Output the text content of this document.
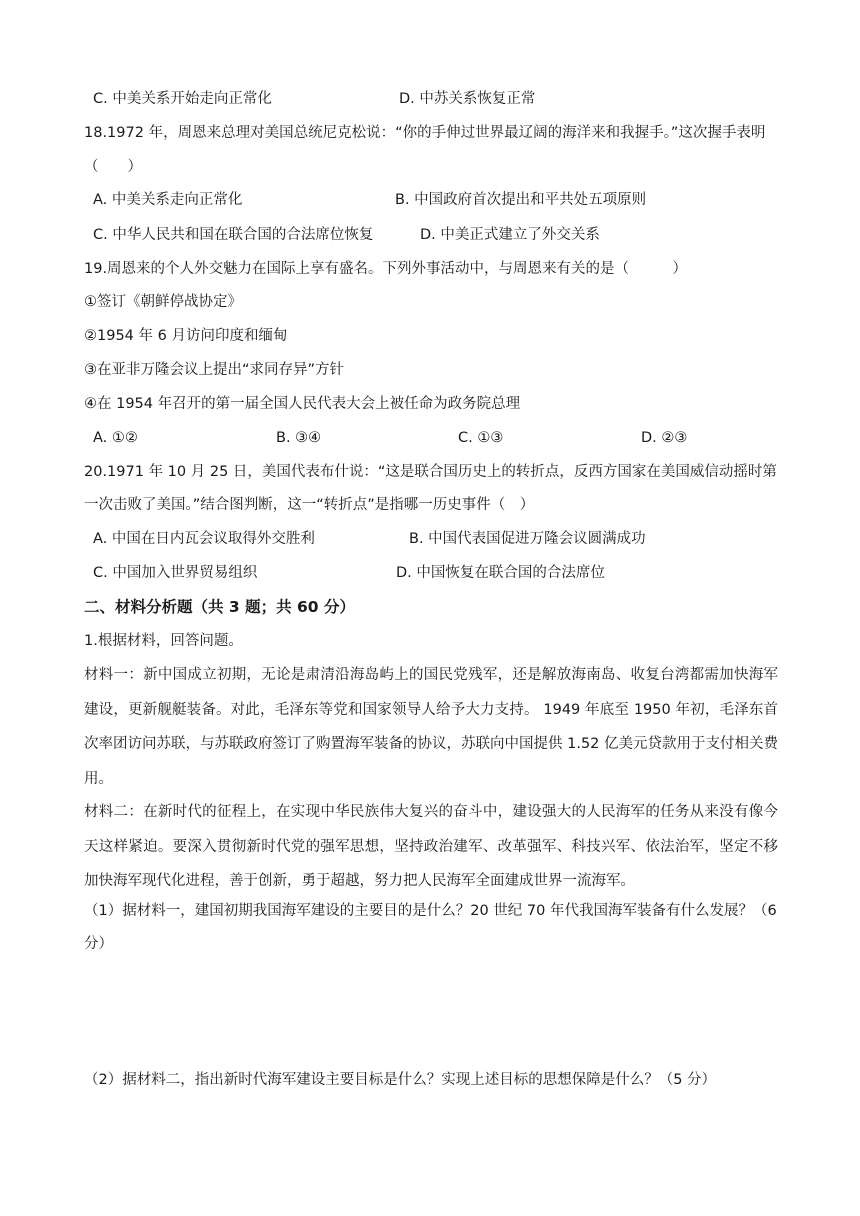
C. 中美关系开始走向正常化	D. 中苏关系恢复正常
18.1972 年，周恩来总理对美国总统尼克松说：“你的手伸过世界最辽阔的海洋来和我握手。”这次握手表明
（　　）
A. 中美关系走向正常化	B. 中国政府首次提出和平共处五项原则
C. 中华人民共和国在联合国的合法席位恢复	D. 中美正式建立了外交关系
19.周恩来的个人外交魅力在国际上享有盛名。下列外事活动中，与周恩来有关的是（　　　）
①签订《朝鲜停战协定》
②1954 年 6 月访问印度和缅甸
③在亚非万隆会议上提出“求同存异”方针
④在 1954 年召开的第一届全国人民代表大会上被任命为政务院总理
A. ①②	B. ③④	C. ①③	D. ②③
20.1971 年 10 月 25 日，美国代表布什说：“这是联合国历史上的转折点，反西方国家在美国威信动摇时第
一次击败了美国。”结合图判断，这一“转折点”是指哪一历史事件（　）
A. 中国在日内瓦会议取得外交胜利	B. 中国代表国促进万隆会议圆满成功
C. 中国加入世界贸易组织	D. 中国恢复在联合国的合法席位
二、材料分析题（共 3 题；共 60 分）
1.根据材料，回答问题。
材料一：新中国成立初期，无论是肃清沿海岛屿上的国民党残军，还是解放海南岛、收复台湾都需加快海军建设，更新舰艇装备。对此，毛泽东等党和国家领导人给予大力支持。 1949 年底至 1950 年初，毛泽东首次率团访问苏联，与苏联政府签订了购置海军装备的协议，苏联向中国提供 1.52 亿美元贷款用于支付相关费用。
材料二：在新时代的征程上，在实现中华民族伟大复兴的奋斗中，建设强大的人民海军的任务从来没有像今天这样紧迫。要深入贯彻新时代党的强军思想，坚持政治建军、改革强军、科技兴军、依法治军，坚定不移加快海军现代化进程，善于创新，勇于超越，努力把人民海军全面建成世界一流海军。
（1）据材料一，建国初期我国海军建设的主要目的是什么？20 世纪 70 年代我国海军装备有什么发展？（6
分）
（2）据材料二，指出新时代海军建设主要目标是什么？实现上述目标的思想保障是什么？（5 分）
